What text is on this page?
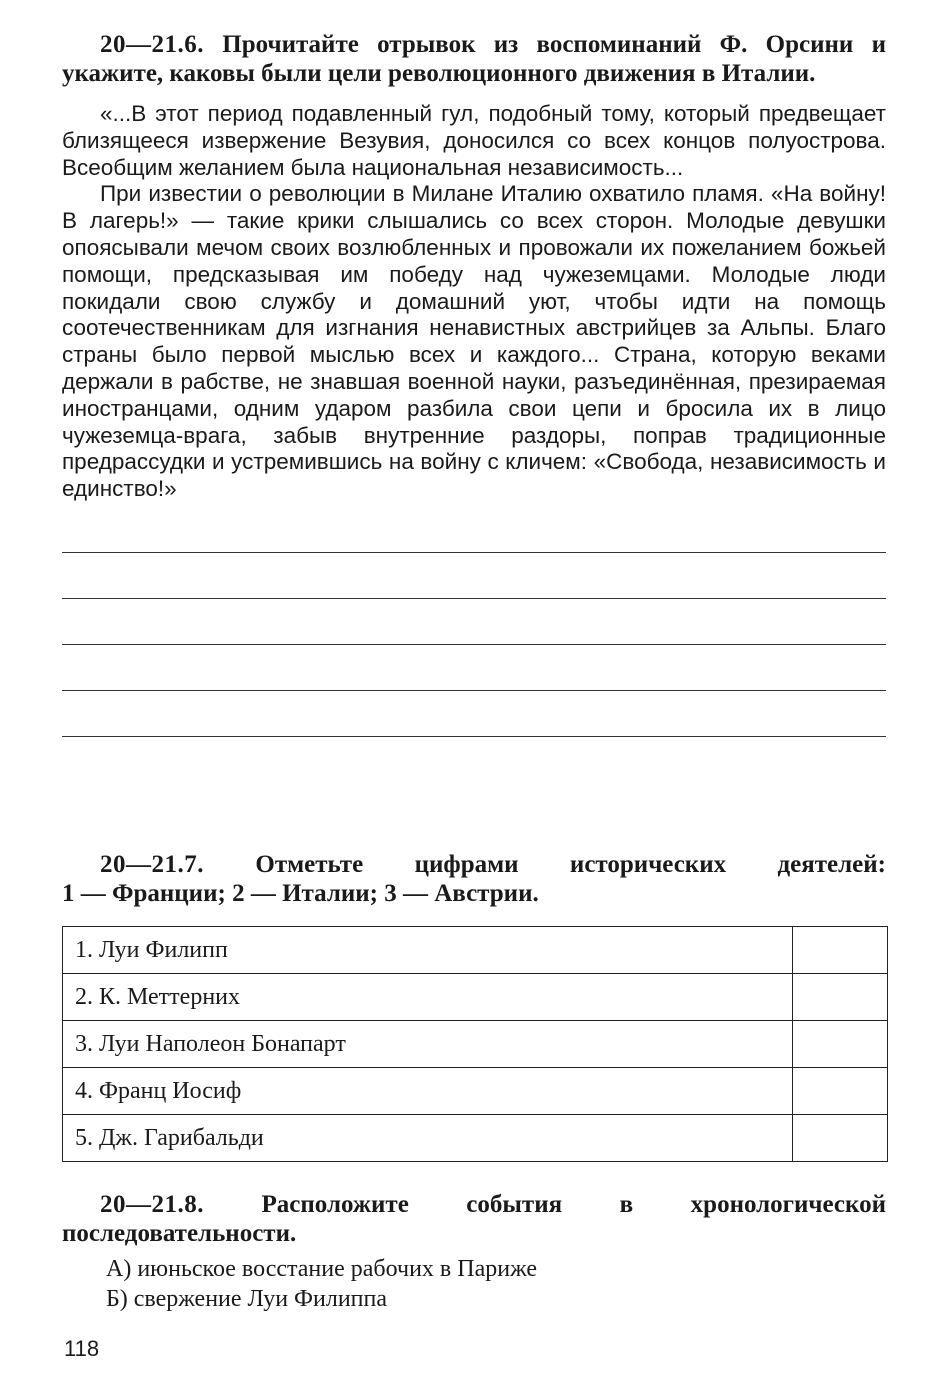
20—21.6. Прочитайте отрывок из воспоминаний Ф. Орсини и укажите, каковы были цели революционного движения в Италии.

«...В этот период подавленный гул, подобный тому, который предвещает близящееся извержение Везувия, доносился со всех концов полуострова. Всеобщим желанием была национальная независимость...

При известии о революции в Милане Италию охватило пламя. «На войну! В лагерь!» — такие крики слышались со всех сторон. Молодые девушки опоясывали мечом своих возлюбленных и провожали их пожеланием божьей помощи, предсказывая им победу над чужеземцами. Молодые люди покидали свою службу и домашний уют, чтобы идти на помощь соотечественникам для изгнания ненавистных австрийцев за Альпы. Благо страны было первой мыслью всех и каждого... Страна, которую веками держали в рабстве, не знавшая военной науки, разъединённая, презираемая иностранцами, одним ударом разбила свои цепи и бросила их в лицо чужеземца-врага, забыв внутренние раздоры, поправ традиционные предрассудки и устремившись на войну с кличем: «Свобода, независимость и единство!»

20—21.7. Отметьте цифрами исторических деятелей:

1 — Франции; 2 — Италии; 3 — Австрии.

1. Луи Филипп	
2. К. Меттерних	
3. Луи Наполеон Бонапарт	
4. Франц Иосиф	
5. Дж. Гарибальди	

20—21.8. Расположите события в хронологической последовательности.

А) июньское восстание рабочих в Париже
Б) свержение Луи Филиппа
118
